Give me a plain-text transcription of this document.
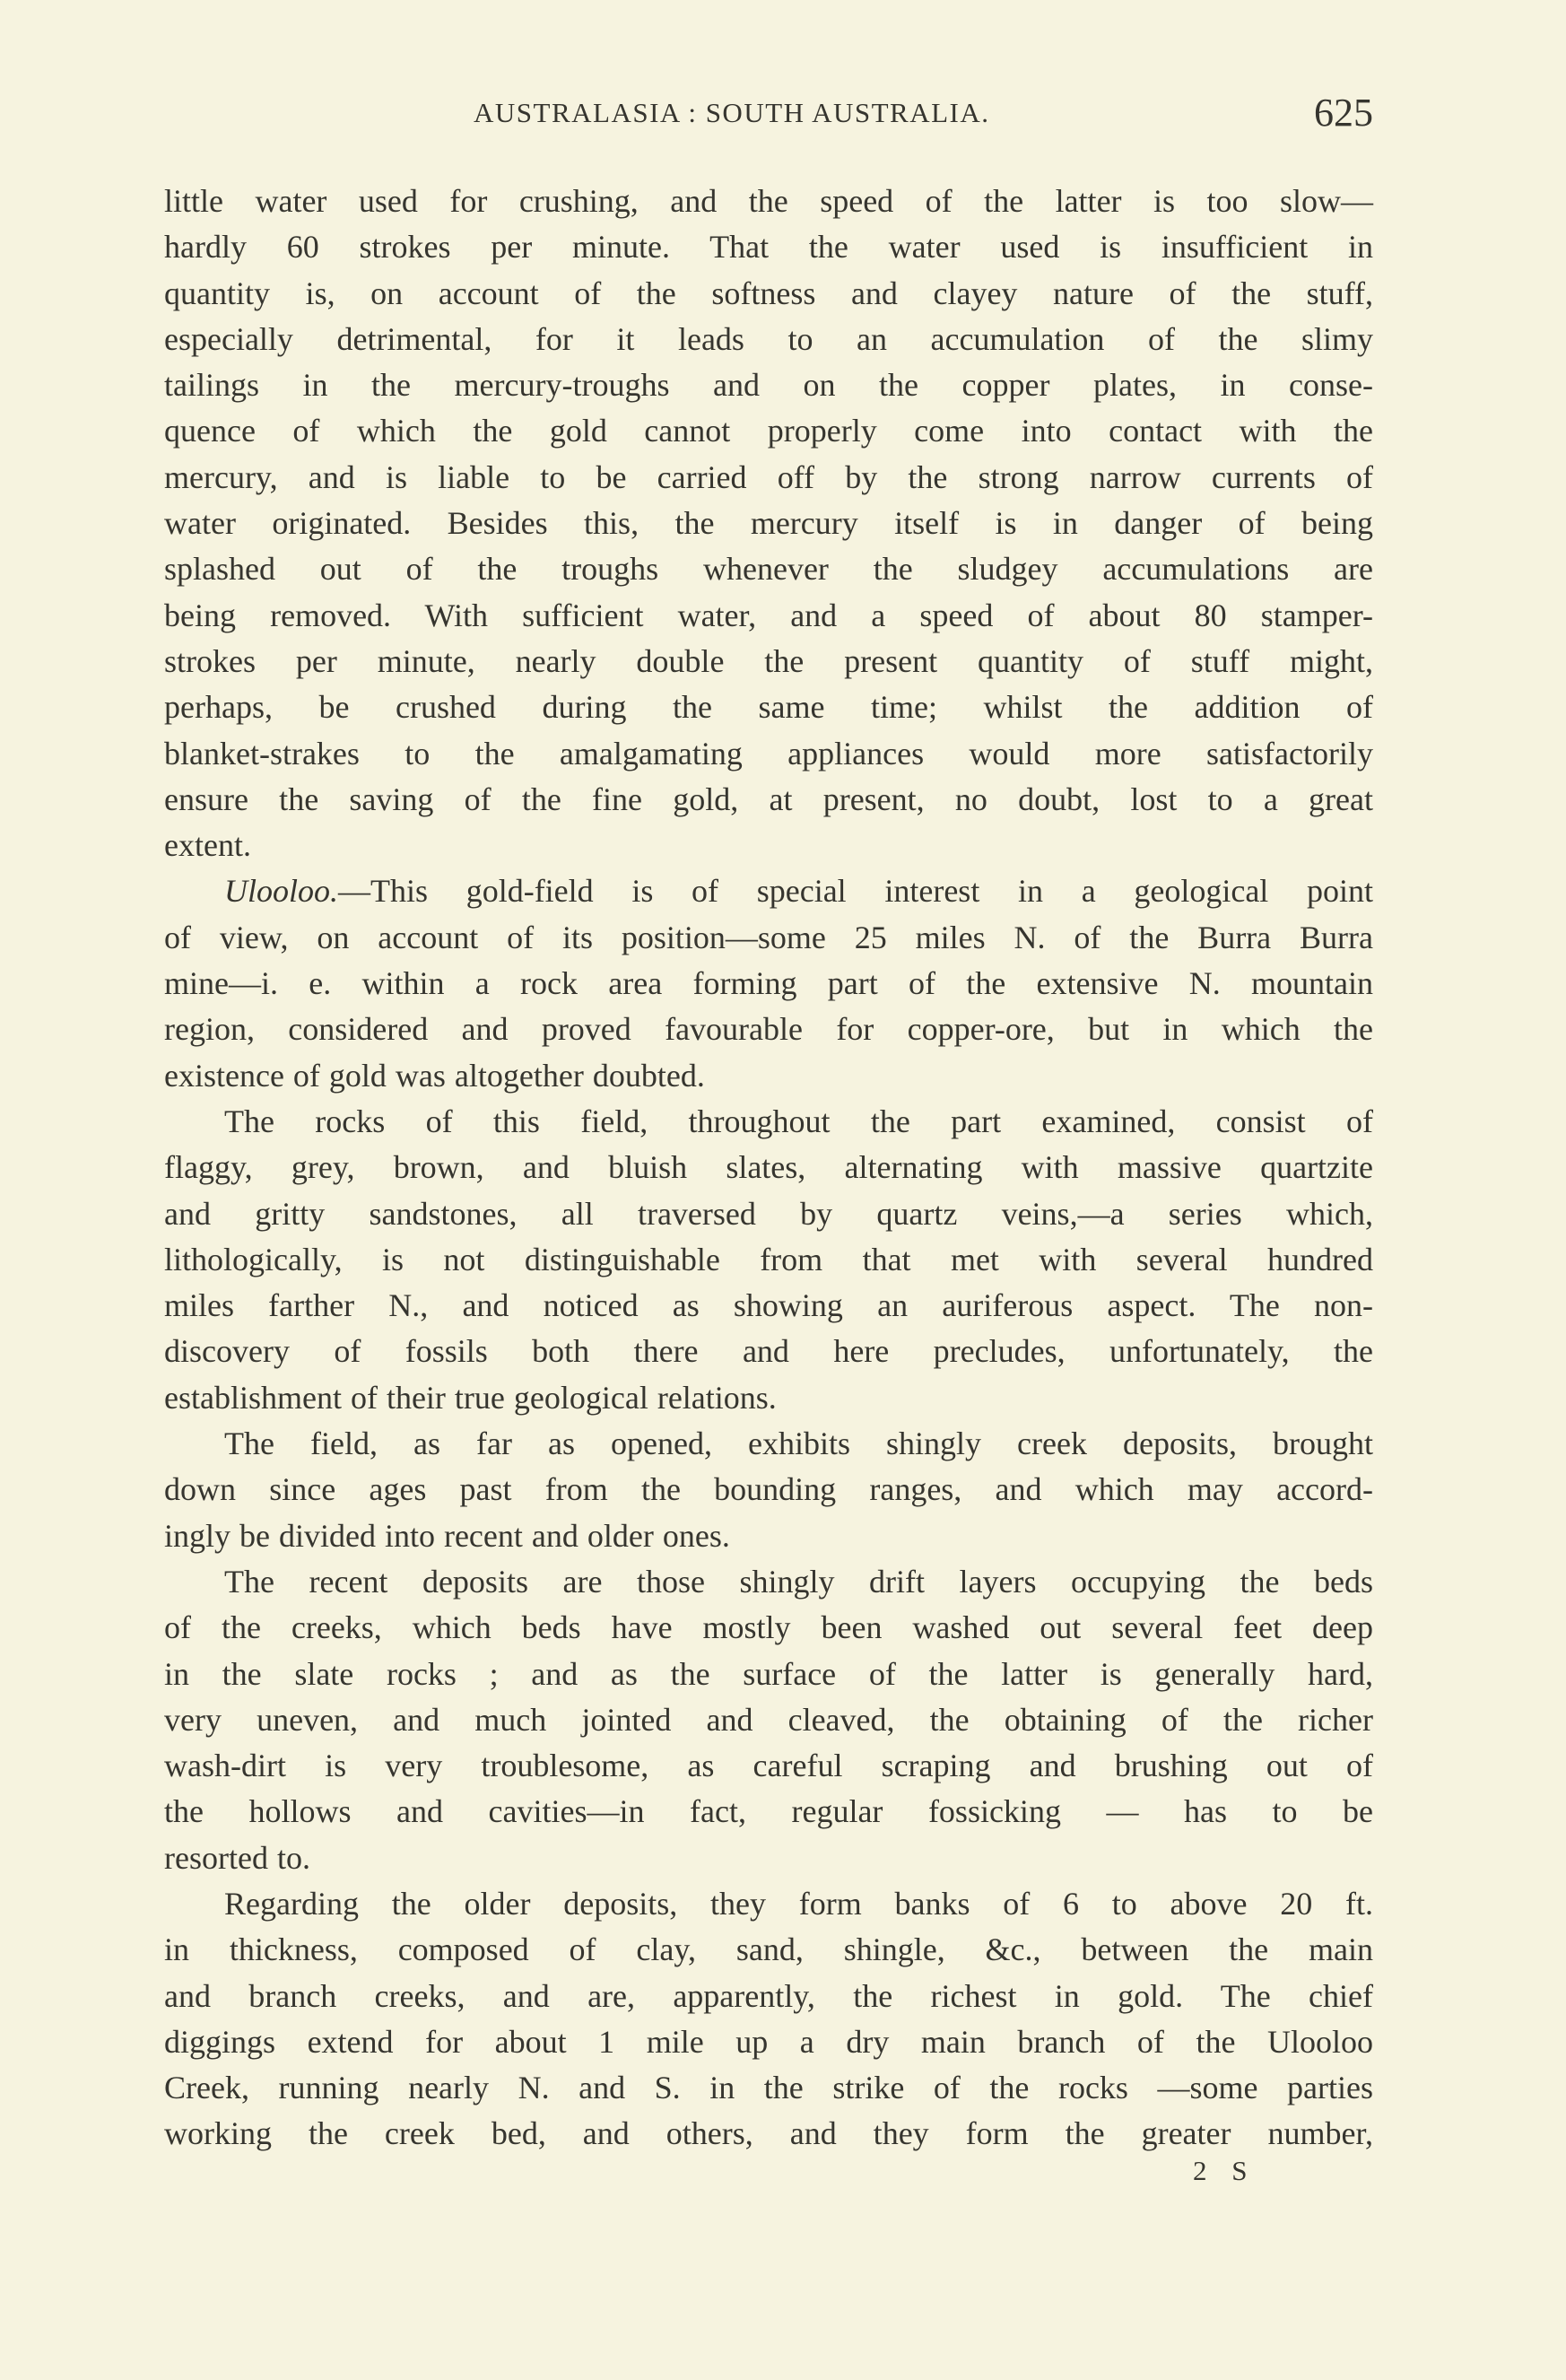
AUSTRALASIA : SOUTH AUSTRALIA.	625
little water used for crushing, and the speed of the latter is too slow—
hardly 60 strokes per minute. That the water used is insufficient in
quantity is, on account of the softness and clayey nature of the stuff,
especially detrimental, for it leads to an accumulation of the slimy
tailings in the mercury-troughs and on the copper plates, in conse-
quence of which the gold cannot properly come into contact with the
mercury, and is liable to be carried off by the strong narrow currents of
water originated. Besides this, the mercury itself is in danger of being
splashed out of the troughs whenever the sludgey accumulations are
being removed. With sufficient water, and a speed of about 80 stamper-
strokes per minute, nearly double the present quantity of stuff might,
perhaps, be crushed during the same time; whilst the addition of
blanket-strakes to the amalgamating appliances would more satisfactorily
ensure the saving of the fine gold, at present, no doubt, lost to a great
extent.
Ulooloo.—This gold-field is of special interest in a geological point
of view, on account of its position—some 25 miles N. of the Burra Burra
mine—i. e. within a rock area forming part of the extensive N. mountain
region, considered and proved favourable for copper-ore, but in which the
existence of gold was altogether doubted.
The rocks of this field, throughout the part examined, consist of
flaggy, grey, brown, and bluish slates, alternating with massive quartzite
and gritty sandstones, all traversed by quartz veins,—a series which,
lithologically, is not distinguishable from that met with several hundred
miles farther N., and noticed as showing an auriferous aspect. The non-
discovery of fossils both there and here precludes, unfortunately, the
establishment of their true geological relations.
The field, as far as opened, exhibits shingly creek deposits, brought
down since ages past from the bounding ranges, and which may accord-
ingly be divided into recent and older ones.
The recent deposits are those shingly drift layers occupying the beds
of the creeks, which beds have mostly been washed out several feet deep
in the slate rocks ; and as the surface of the latter is generally hard,
very uneven, and much jointed and cleaved, the obtaining of the richer
wash-dirt is very troublesome, as careful scraping and brushing out of
the hollows and cavities—in fact, regular fossicking — has to be
resorted to.
Regarding the older deposits, they form banks of 6 to above 20 ft.
in thickness, composed of clay, sand, shingle, &c., between the main
and branch creeks, and are, apparently, the richest in gold. The chief
diggings extend for about 1 mile up a dry main branch of the Ulooloo
Creek, running nearly N. and S. in the strike of the rocks —some parties
working the creek bed, and others, and they form the greater number,
2 S
